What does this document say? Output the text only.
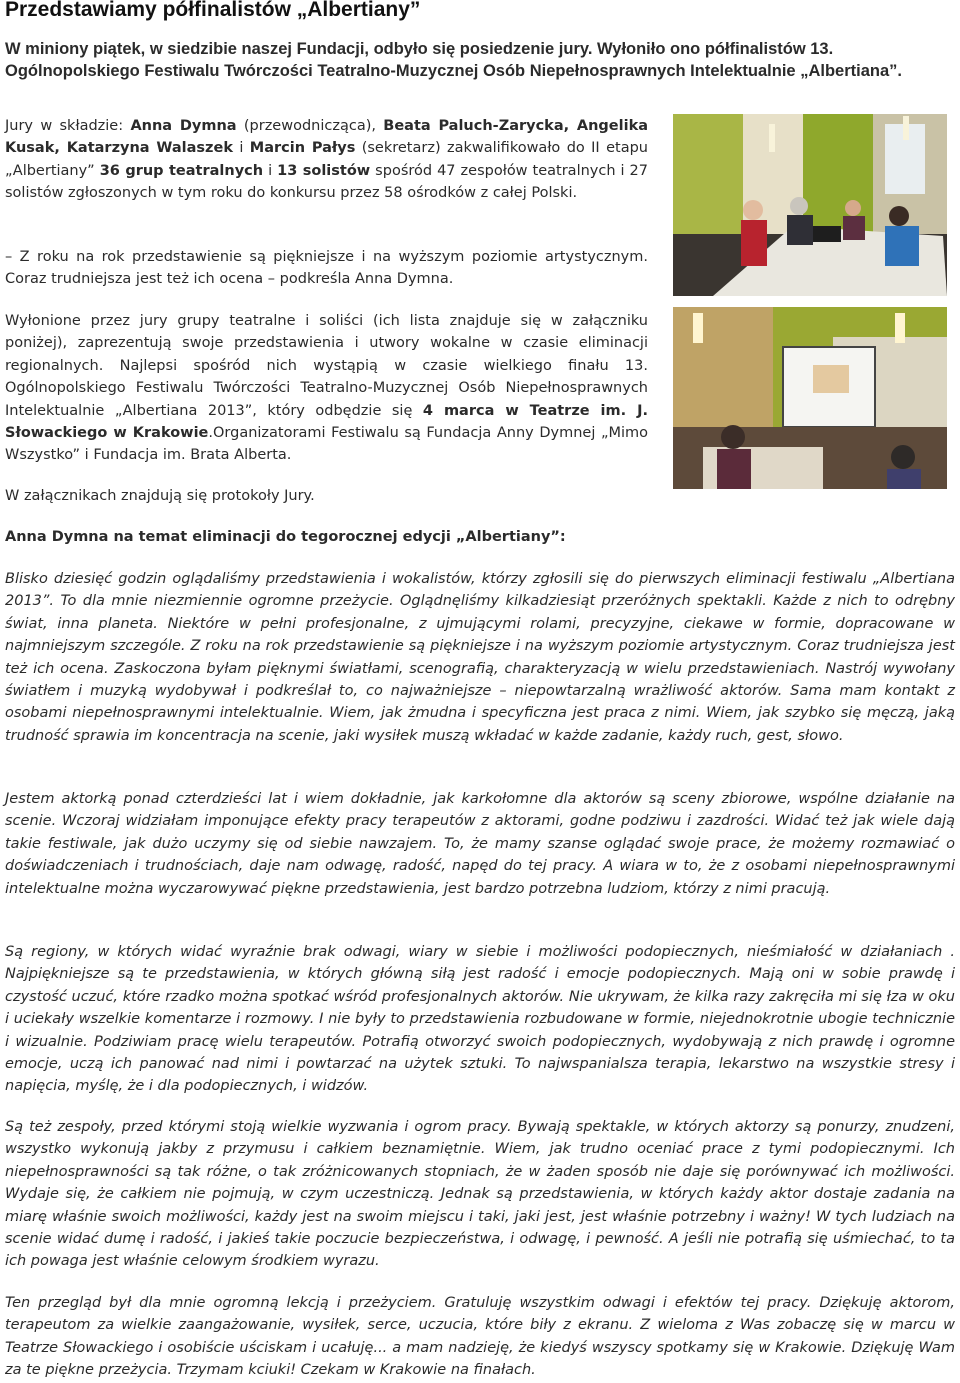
Przedstawiamy półfinalistów „Albertiany”

W miniony piątek, w siedzibie naszej Fundacji, odbyło się posiedzenie jury. Wyłoniło ono półfinalistów 13. Ogólnopolskiego Festiwalu Twórczości Teatralno-Muzycznej Osób Niepełnosprawnych Intelektualnie „Albertiana”.

Jury w składzie: Anna Dymna (przewodnicząca), Beata Paluch-Zarycka, Angelika Kusak, Katarzyna Walaszek i Marcin Pałys (sekretarz) zakwalifikowało do II etapu „Albertiany” 36 grup teatralnych i 13 solistów spośród 47 zespołów teatralnych i 27 solistów zgłoszonych w tym roku do konkursu przez 58 ośrodków z całej Polski.

– Z roku na rok przedstawienie są piękniejsze i na wyższym poziomie artystycznym. Coraz trudniejsza jest też ich ocena – podkreśla Anna Dymna.

Wyłonione przez jury grupy teatralne i soliści (ich lista znajduje się w załączniku poniżej), zaprezentują swoje przedstawienia i utwory wokalne w czasie eliminacji regionalnych. Najlepsi spośród nich wystąpią w czasie wielkiego finału 13. Ogólnopolskiego Festiwalu Twórczości Teatralno-Muzycznej Osób Niepełnosprawnych Intelektualnie „Albertiana 2013”, który odbędzie się 4 marca w Teatrze im. J. Słowackiego w Krakowie.Organizatorami Festiwalu są Fundacja Anny Dymnej „Mimo Wszystko” i Fundacja im. Brata Alberta.

W załącznikach znajdują się protokoły Jury.

Anna Dymna na temat eliminacji do tegorocznej edycji „Albertiany”:

Blisko dziesięć godzin oglądaliśmy przedstawienia i wokalistów, którzy zgłosili się do pierwszych eliminacji festiwalu „Albertiana 2013”. To dla mnie niezmiennie ogromne przeżycie. Oglądnęliśmy kilkadziesiąt przeróżnych spektakli. Każde z nich to odrębny świat, inna planeta. Niektóre w pełni profesjonalne, z ujmującymi rolami, precyzyjne, ciekawe w formie, dopracowane w najmniejszym szczególe. Z roku na rok przedstawienie są piękniejsze i na wyższym poziomie artystycznym. Coraz trudniejsza jest też ich ocena. Zaskoczona byłam pięknymi światłami, scenografią, charakteryzacją w wielu przedstawieniach. Nastrój wywołany światłem i muzyką wydobywał i podkreślał to, co najważniejsze – niepowtarzalną wrażliwość aktorów. Sama mam kontakt z osobami niepełnosprawnymi intelektualnie. Wiem, jak żmudna i specyficzna jest praca z nimi. Wiem, jak szybko się męczą, jaką trudność sprawia im koncentracja na scenie, jaki wysiłek muszą wkładać w każde zadanie, każdy ruch, gest, słowo.

Jestem aktorką ponad czterdzieści lat i wiem dokładnie, jak karkołomne dla aktorów są sceny zbiorowe, wspólne działanie na scenie. Wczoraj widziałam imponujące efekty pracy terapeutów z aktorami, godne podziwu i zazdrości. Widać też jak wiele dają takie festiwale, jak dużo uczymy się od siebie nawzajem. To, że mamy szanse oglądać swoje prace, że możemy rozmawiać o doświadczeniach i trudnościach, daje nam odwagę, radość, napęd do tej pracy. A wiara w to, że z osobami niepełnosprawnymi intelektualne można wyczarowywać piękne przedstawienia, jest bardzo potrzebna ludziom, którzy z nimi pracują.

Są regiony, w których widać wyraźnie brak odwagi, wiary w siebie i możliwości podopiecznych, nieśmiałość w działaniach . Najpiękniejsze są te przedstawienia, w których główną siłą jest radość i emocje podopiecznych. Mają oni w sobie prawdę i czystość uczuć, które rzadko można spotkać wśród profesjonalnych aktorów. Nie ukrywam, że kilka razy zakręciła mi się łza w oku i uciekały wszelkie komentarze i rozmowy. I nie były to przedstawienia rozbudowane w formie, niejednokrotnie ubogie technicznie i wizualnie. Podziwiam pracę wielu terapeutów. Potrafią otworzyć swoich podopiecznych, wydobywają z nich prawdę i ogromne emocje, uczą ich panować nad nimi i powtarzać na użytek sztuki. To najwspanialsza terapia, lekarstwo na wszystkie stresy i napięcia, myślę, że i dla podopiecznych, i widzów.

Są też zespoły, przed którymi stoją wielkie wyzwania i ogrom pracy. Bywają spektakle, w których aktorzy są ponurzy, znudzeni, wszystko wykonują jakby z przymusu i całkiem beznamiętnie. Wiem, jak trudno oceniać prace z tymi podopiecznymi. Ich niepełnosprawności są tak różne, o tak zróżnicowanych stopniach, że w żaden sposób nie daje się porównywać ich możliwości. Wydaje się, że całkiem nie pojmują, w czym uczestniczą. Jednak są przedstawienia, w których każdy aktor dostaje zadania na miarę właśnie swoich możliwości, każdy jest na swoim miejscu i taki, jaki jest, jest właśnie potrzebny i ważny! W tych ludziach na scenie widać dumę i radość, i jakieś takie poczucie bezpieczeństwa, i odwagę, i pewność. A jeśli nie potrafią się uśmiechać, to ta ich powaga jest właśnie celowym środkiem wyrazu.

Ten przegląd był dla mnie ogromną lekcją i przeżyciem. Gratuluję wszystkim odwagi i efektów tej pracy. Dziękuję aktorom, terapeutom za wielkie zaangażowanie, wysiłek, serce, uczucia, które biły z ekranu. Z wieloma z Was zobaczę się w marcu w Teatrze Słowackiego i osobiście uściskam i ucałuję... a mam nadzieję, że kiedyś wszyscy spotkamy się w Krakowie. Dziękuję Wam za te piękne przeżycia. Trzymam kciuki! Czekam w Krakowie na finałach.
